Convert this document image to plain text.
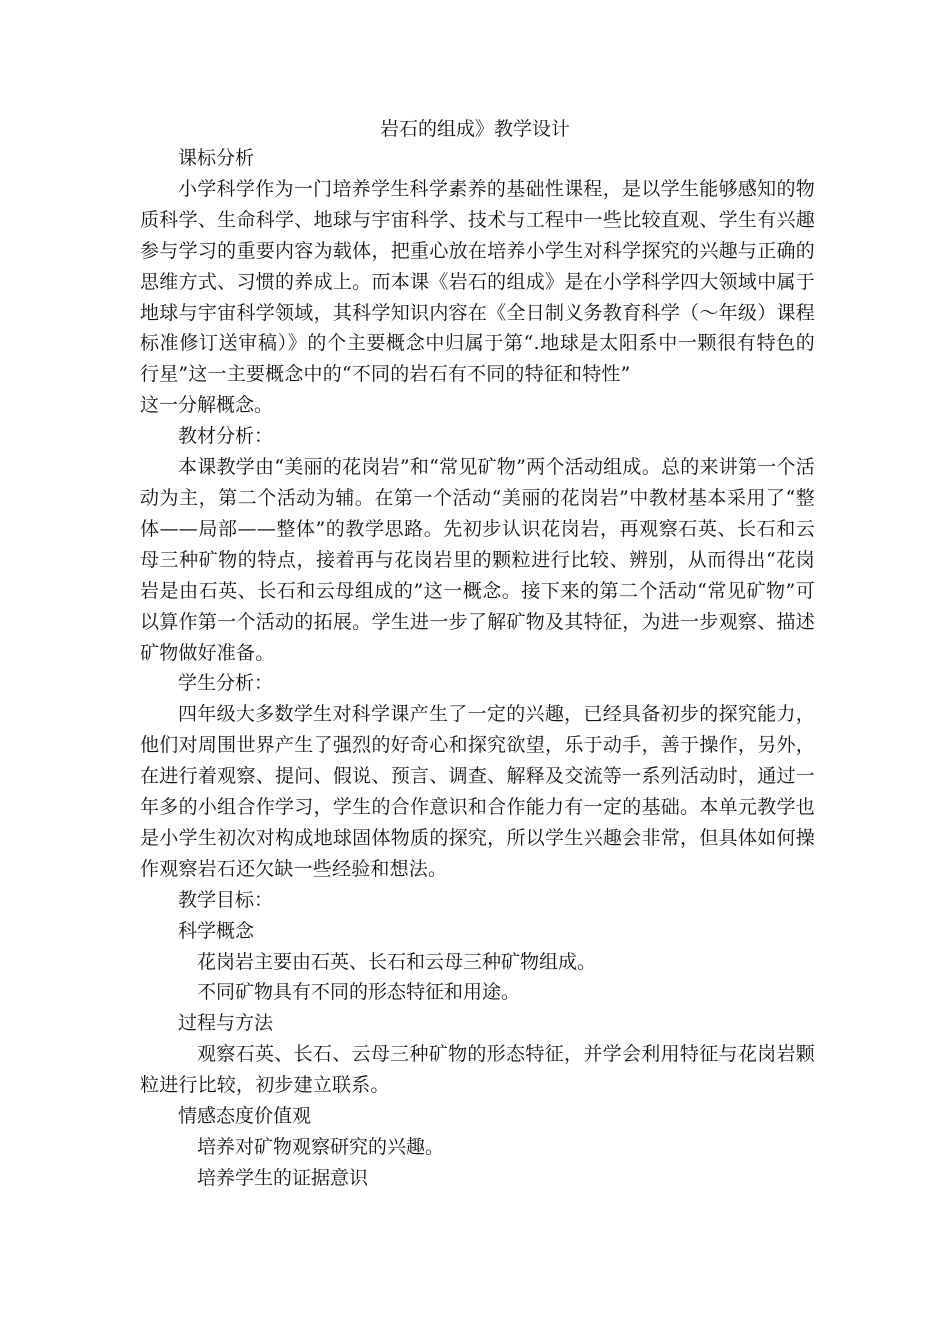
岩石的组成》教学设计

课标分析

小学科学作为一门培养学生科学素养的基础性课程，是以学生能够感知的物质科学、生命科学、地球与宇宙科学、技术与工程中一些比较直观、学生有兴趣参与学习的重要内容为载体，把重心放在培养小学生对科学探究的兴趣与正确的思维方式、习惯的养成上。而本课《岩石的组成》是在小学科学四大领域中属于地球与宇宙科学领域，其科学知识内容在《全日制义务教育科学（〜年级）课程标准修订送审稿）》的个主要概念中归属于第“.地球是太阳系中一颗很有特色的行星”这一主要概念中的“不同的岩石有不同的特征和特性”

这一分解概念。

教材分析：

本课教学由“美丽的花岗岩”和“常见矿物”两个活动组成。总的来讲第一个活动为主，第二个活动为辅。在第一个活动“美丽的花岗岩”中教材基本采用了“整体——局部——整体”的教学思路。先初步认识花岗岩，再观察石英、长石和云母三种矿物的特点，接着再与花岗岩里的颗粒进行比较、辨别，从而得出“花岗岩是由石英、长石和云母组成的”这一概念。接下来的第二个活动“常见矿物”可以算作第一个活动的拓展。学生进一步了解矿物及其特征，为进一步观察、描述矿物做好准备。

学生分析：

四年级大多数学生对科学课产生了一定的兴趣，已经具备初步的探究能力，他们对周围世界产生了强烈的好奇心和探究欲望，乐于动手，善于操作，另外，在进行着观察、提问、假说、预言、调查、解释及交流等一系列活动时，通过一年多的小组合作学习，学生的合作意识和合作能力有一定的基础。本单元教学也是小学生初次对构成地球固体物质的探究，所以学生兴趣会非常，但具体如何操作观察岩石还欠缺一些经验和想法。

教学目标：

科学概念

花岗岩主要由石英、长石和云母三种矿物组成。

不同矿物具有不同的形态特征和用途。

过程与方法

观察石英、长石、云母三种矿物的形态特征，并学会利用特征与花岗岩颗粒进行比较，初步建立联系。

情感态度价值观

培养对矿物观察研究的兴趣。

培养学生的证据意识
